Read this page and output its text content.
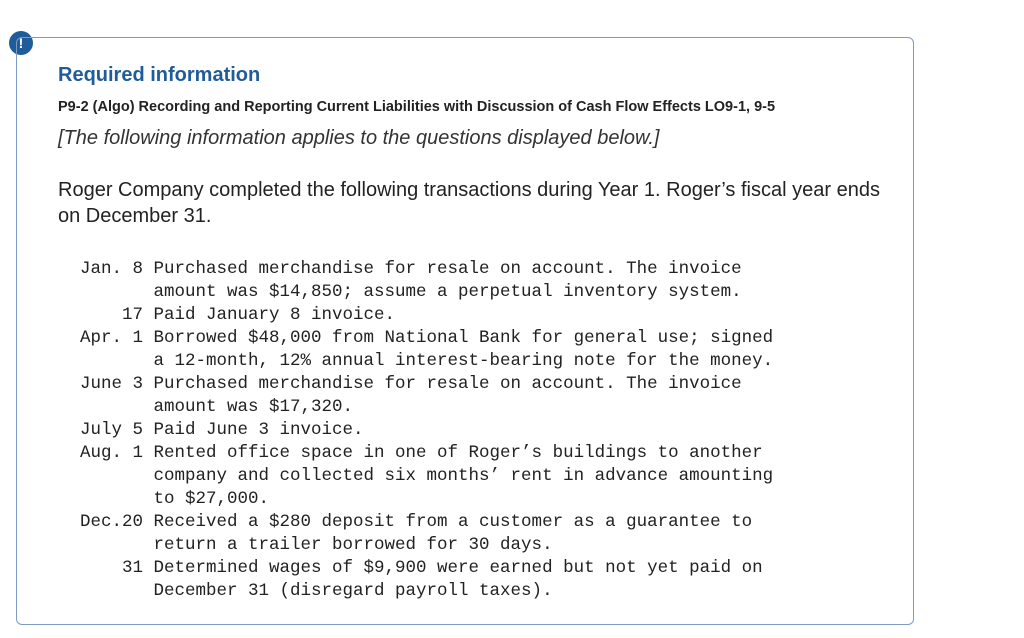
!
Required information

P9-2 (Algo) Recording and Reporting Current Liabilities with Discussion of Cash Flow Effects LO9-1, 9-5

[The following information applies to the questions displayed below.]

Roger Company completed the following transactions during Year 1. Roger’s fiscal year ends on December 31.

Jan. 8 Purchased merchandise for resale on account. The invoice
amount was $14,850; assume a perpetual inventory system.
17 Paid January 8 invoice.
Apr. 1 Borrowed $48,000 from National Bank for general use; signed
a 12-month, 12% annual interest-bearing note for the money.
June 3 Purchased merchandise for resale on account. The invoice
amount was $17,320.
July 5 Paid June 3 invoice.
Aug. 1 Rented office space in one of Roger’s buildings to another
company and collected six months’ rent in advance amounting
to $27,000.
Dec.20 Received a $280 deposit from a customer as a guarantee to
return a trailer borrowed for 30 days.
31 Determined wages of $9,900 were earned but not yet paid on
December 31 (disregard payroll taxes).
